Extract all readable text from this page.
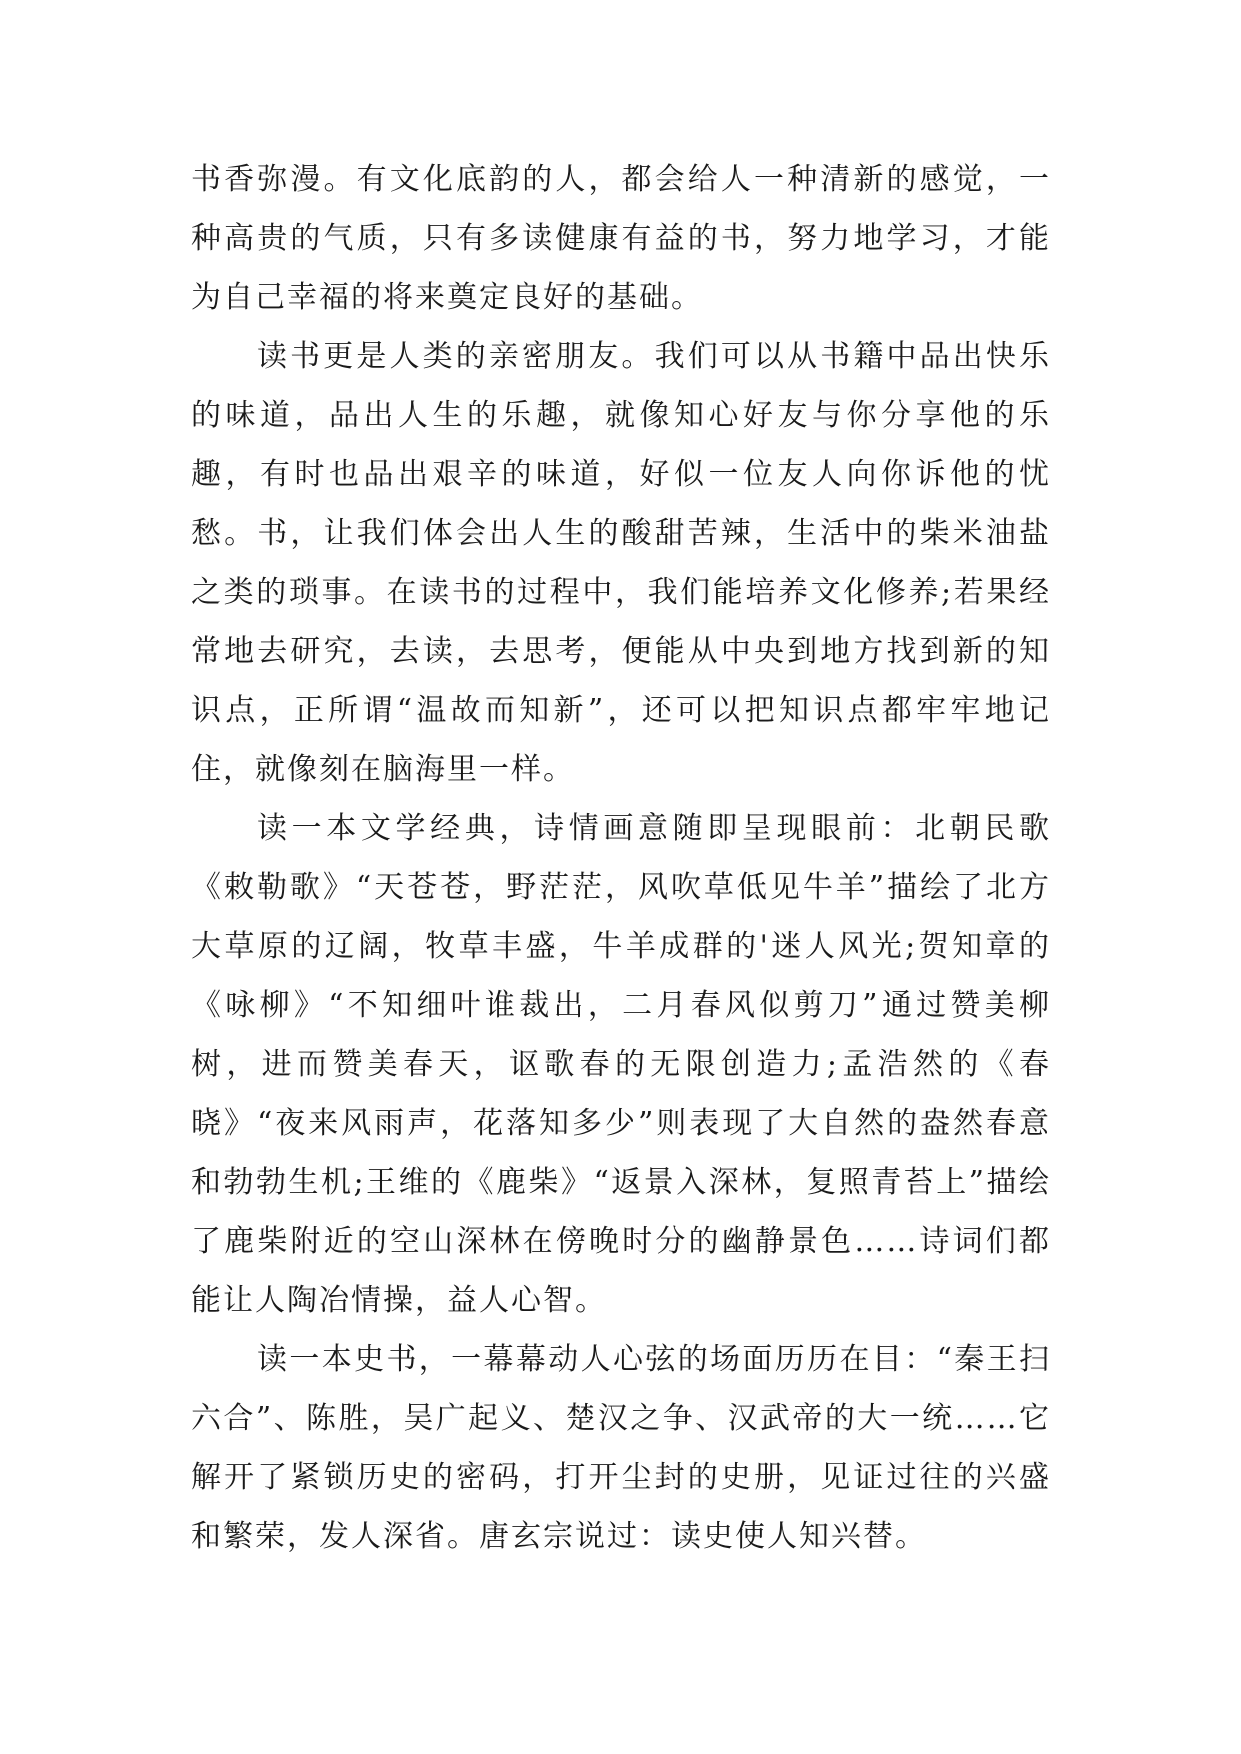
书香弥漫。有文化底韵的人，都会给人一种清新的感觉，一种高贵的气质，只有多读健康有益的书，努力地学习，才能为自己幸福的将来奠定良好的基础。

读书更是人类的亲密朋友。我们可以从书籍中品出快乐的味道，品出人生的乐趣，就像知心好友与你分享他的乐趣，有时也品出艰辛的味道，好似一位友人向你诉他的忧愁。书，让我们体会出人生的酸甜苦辣，生活中的柴米油盐之类的琐事。在读书的过程中，我们能培养文化修养;若果经常地去研究，去读，去思考，便能从中央到地方找到新的知识点，正所谓“温故而知新”，还可以把知识点都牢牢地记住，就像刻在脑海里一样。

读一本文学经典，诗情画意随即呈现眼前：北朝民歌《敕勒歌》“天苍苍，野茫茫，风吹草低见牛羊”描绘了北方大草原的辽阔，牧草丰盛，牛羊成群的'迷人风光;贺知章的《咏柳》“不知细叶谁裁出，二月春风似剪刀”通过赞美柳树，进而赞美春天，讴歌春的无限创造力;孟浩然的《春晓》“夜来风雨声，花落知多少”则表现了大自然的盎然春意和勃勃生机;王维的《鹿柴》“返景入深林，复照青苔上”描绘了鹿柴附近的空山深林在傍晚时分的幽静景色……诗词们都能让人陶冶情操，益人心智。

读一本史书，一幕幕动人心弦的场面历历在目：“秦王扫六合”、陈胜，吴广起义、楚汉之争、汉武帝的大一统……它解开了紧锁历史的密码，打开尘封的史册，见证过往的兴盛和繁荣，发人深省。唐玄宗说过：读史使人知兴替。
